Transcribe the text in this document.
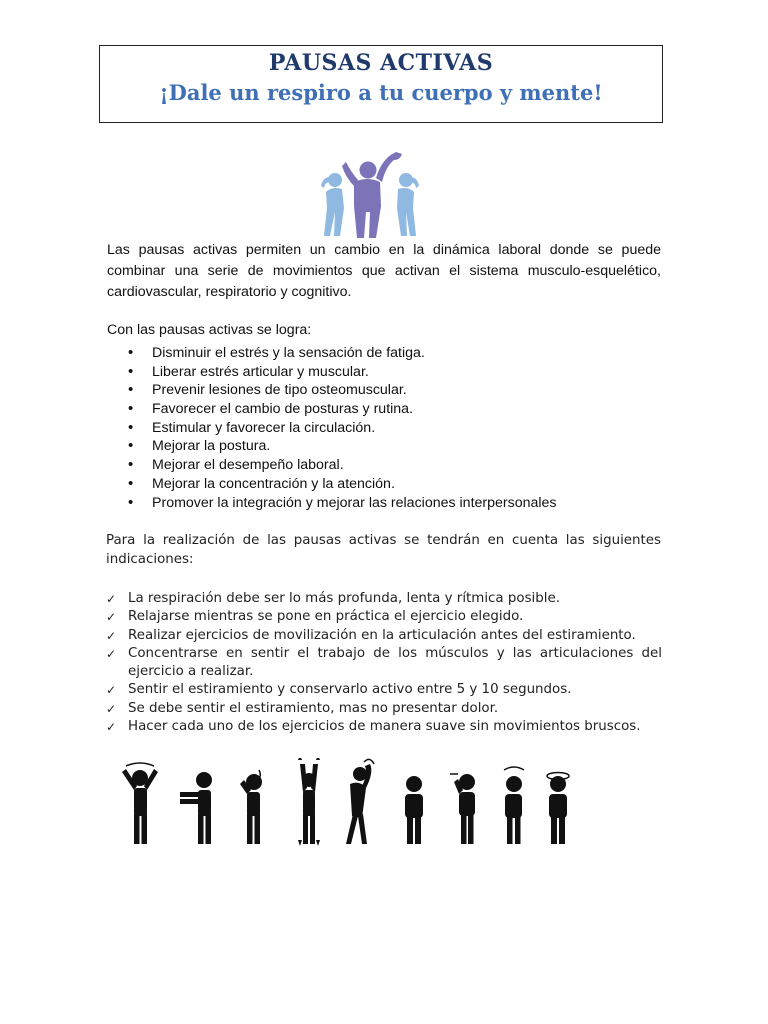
PAUSAS ACTIVAS
¡Dale un respiro a tu cuerpo y mente!

Las pausas activas permiten un cambio en la dinámica laboral donde se puede combinar una serie de movimientos que activan el sistema musculo-esquelético, cardiovascular, respiratorio y cognitivo.

Con las pausas activas se logra:

• Disminuir el estrés y la sensación de fatiga.
• Liberar estrés articular y muscular.
• Prevenir lesiones de tipo osteomuscular.
• Favorecer el cambio de posturas y rutina.
• Estimular y favorecer la circulación.
• Mejorar la postura.
• Mejorar el desempeño laboral.
• Mejorar la concentración y la atención.
• Promover la integración y mejorar las relaciones interpersonales

Para la realización de las pausas activas se tendrán en cuenta las siguientes indicaciones:

✓ La respiración debe ser lo más profunda, lenta y rítmica posible.
✓ Relajarse mientras se pone en práctica el ejercicio elegido.
✓ Realizar ejercicios de movilización en la articulación antes del estiramiento.
✓ Concentrarse en sentir el trabajo de los músculos y las articulaciones del ejercicio a realizar.
✓ Sentir el estiramiento y conservarlo activo entre 5 y 10 segundos.
✓ Se debe sentir el estiramiento, mas no presentar dolor.
✓ Hacer cada uno de los ejercicios de manera suave sin movimientos bruscos.
